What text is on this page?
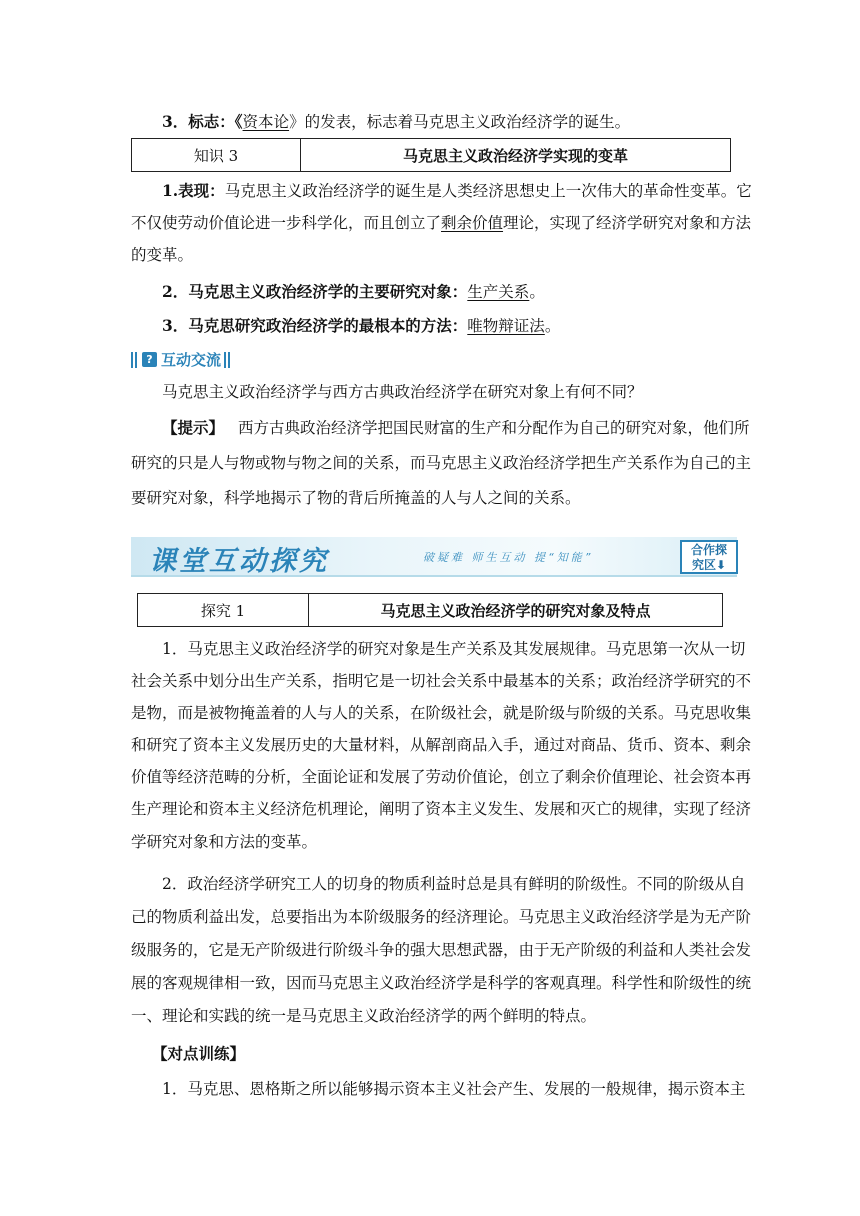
3．标志：《资本论》的发表，标志着马克思主义政治经济学的诞生。
知识 3	马克思主义政治经济学实现的变革
1.表现：马克思主义政治经济学的诞生是人类经济思想史上一次伟大的革命性变革。它
不仅使劳动价值论进一步科学化，而且创立了剩余价值理论，实现了经济学研究对象和方法
的变革。
2．马克思主义政治经济学的主要研究对象：生产关系。
3．马克思研究政治经济学的最根本的方法：唯物辩证法。
? 互动交流
马克思主义政治经济学与西方古典政治经济学在研究对象上有何不同？
【提示】 西方古典政治经济学把国民财富的生产和分配作为自己的研究对象，他们所
研究的只是人与物或物与物之间的关系，而马克思主义政治经济学把生产关系作为自己的主
要研究对象，科学地揭示了物的背后所掩盖的人与人之间的关系。
课堂互动探究	破疑难 师生互动 提“知能”
合作探
究区⬇
探究 1	马克思主义政治经济学的研究对象及特点
1．马克思主义政治经济学的研究对象是生产关系及其发展规律。马克思第一次从一切
社会关系中划分出生产关系，指明它是一切社会关系中最基本的关系；政治经济学研究的不
是物，而是被物掩盖着的人与人的关系，在阶级社会，就是阶级与阶级的关系。马克思收集
和研究了资本主义发展历史的大量材料，从解剖商品入手，通过对商品、货币、资本、剩余
价值等经济范畴的分析，全面论证和发展了劳动价值论，创立了剩余价值理论、社会资本再
生产理论和资本主义经济危机理论，阐明了资本主义发生、发展和灭亡的规律，实现了经济
学研究对象和方法的变革。
2．政治经济学研究工人的切身的物质利益时总是具有鲜明的阶级性。不同的阶级从自
己的物质利益出发，总要指出为本阶级服务的经济理论。马克思主义政治经济学是为无产阶
级服务的，它是无产阶级进行阶级斗争的强大思想武器，由于无产阶级的利益和人类社会发
展的客观规律相一致，因而马克思主义政治经济学是科学的客观真理。科学性和阶级性的统
一、理论和实践的统一是马克思主义政治经济学的两个鲜明的特点。
【对点训练】
1．马克思、恩格斯之所以能够揭示资本主义社会产生、发展的一般规律，揭示资本主
